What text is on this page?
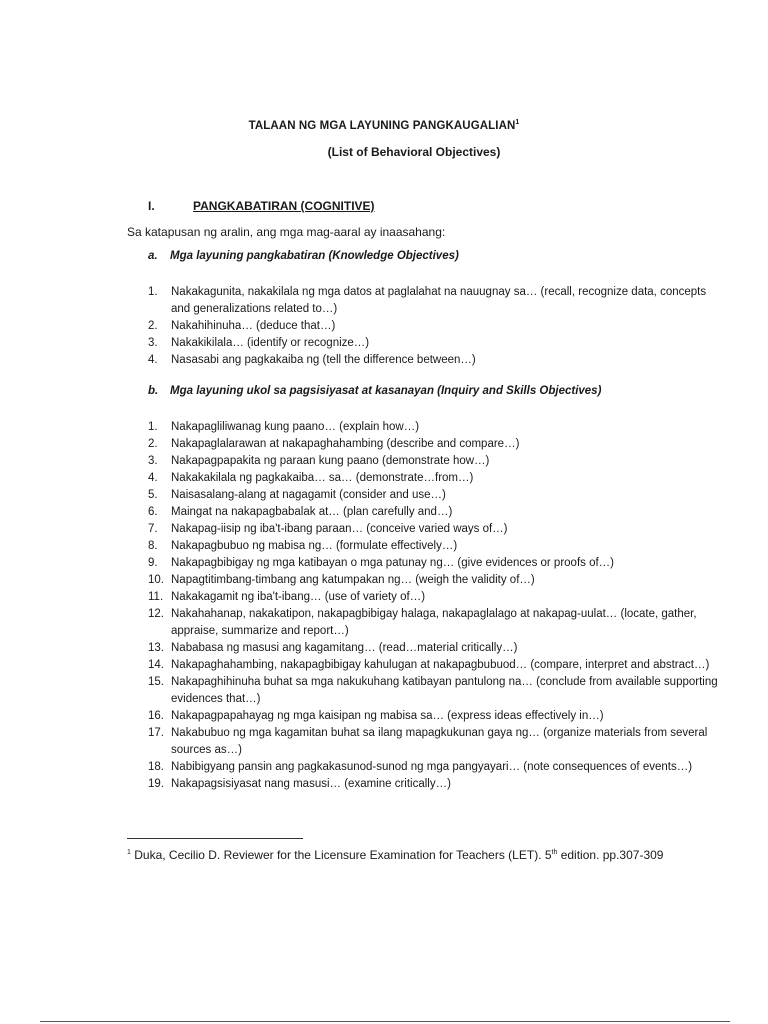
TALAAN NG MGA LAYUNING PANGKAUGALIAN$^1$
(List of Behavioral Objectives)
I.	PANGKABATIRAN (COGNITIVE)
Sa katapusan ng aralin, ang mga mag-aaral ay inaasahang:
a. Mga layuning pangkabatiran (Knowledge Objectives)
1.	Nakakagunita, nakakilala ng mga datos at paglalahat na nauugnay sa… (recall, recognize data, concepts and generalizations related to…)
2.	Nakahihinuha… (deduce that…)
3.	Nakakikilala… (identify or recognize…)
4.	Nasasabi ang pagkakaiba ng (tell the difference between…)
b. Mga layuning ukol sa pagsisiyasat at kasanayan (Inquiry and Skills Objectives)
1.	Nakapagliliwanag kung paano… (explain how…)
2.	Nakapaglalarawan at nakapaghahambing (describe and compare…)
3.	Nakapagpapakita ng paraan kung paano (demonstrate how…)
4.	Nakakakilala ng pagkakaiba… sa… (demonstrate…from…)
5.	Naisasalang-alang at nagagamit (consider and use…)
6.	Maingat na nakapagbabalak at… (plan carefully and…)
7.	Nakapag-iisip ng iba't-ibang paraan… (conceive varied ways of…)
8.	Nakapagbubuo ng mabisa ng… (formulate effectively…)
9.	Nakapagbibigay ng mga katibayan o mga patunay ng… (give evidences or proofs of…)
10. Napagtitimbang-timbang ang katumpakan ng… (weigh the validity of…)
11. Nakakagamit ng iba't-ibang… (use of variety of…)
12. Nakahahanap, nakakatipon, nakapagbibigay halaga, nakapaglalago at nakapag-uulat… (locate, gather, appraise, summarize and report…)
13. Nababasa ng masusi ang kagamitang… (read…material critically…)
14. Nakapaghahambing, nakapagbibigay kahulugan at nakapagbubuod… (compare, interpret and abstract…)
15. Nakapaghihinuha buhat sa mga nakukuhang katibayan pantulong na… (conclude from available supporting evidences that…)
16. Nakapagpapahayag ng mga kaisipan ng mabisa sa… (express ideas effectively in…)
17. Nakabubuo ng mga kagamitan buhat sa ilang mapagkukunan gaya ng… (organize materials from several sources as…)
18. Nabibigyang pansin ang pagkakasunod-sunod ng mga pangyayari… (note consequences of events…)
19. Nakapagsisiyasat nang masusi… (examine critically…)
$^1$ Duka, Cecilio D. Reviewer for the Licensure Examination for Teachers (LET). 5th edition. pp.307-309
